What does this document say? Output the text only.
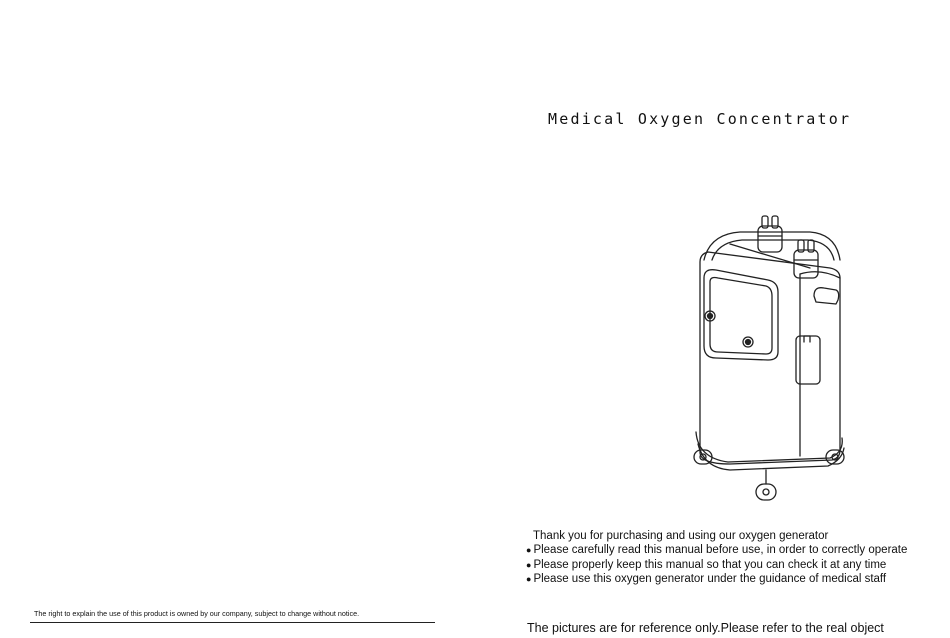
Medical Oxygen Concentrator
Thank you for purchasing and using our oxygen generator
● Please carefully read this manual before use, in order to correctly operate
● Please properly keep this manual so that you can check it at any time
● Please use this oxygen generator under the guidance of medical staff
The right to explain the use of this product is owned by our company, subject to change without notice.
The pictures are for reference only.Please refer to the real object
